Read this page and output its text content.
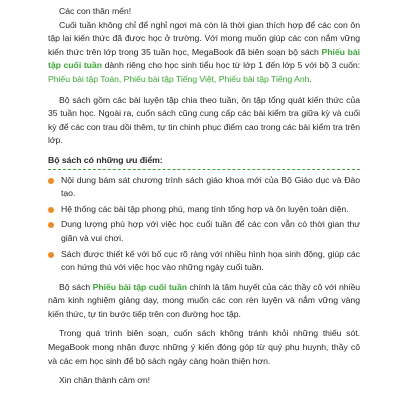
Các con thân mến!

Cuối tuần không chỉ để nghỉ ngơi mà còn là thời gian thích hợp để các con ôn tập lại kiến thức đã được học ở trường. Với mong muốn giúp các con nắm vững kiến thức trên lớp trong 35 tuần học, MegaBook đã biên soạn bộ sách Phiếu bài tập cuối tuần dành riêng cho học sinh tiểu học từ lớp 1 đến lớp 5 với bộ 3 cuốn: Phiếu bài tập Toán, Phiếu bài tập Tiếng Việt, Phiếu bài tập Tiếng Anh.

Bộ sách gồm các bài luyện tập chia theo tuần, ôn tập tổng quát kiến thức của 35 tuần học. Ngoài ra, cuốn sách cũng cung cấp các bài kiểm tra giữa kỳ và cuối kỳ để các con trau dồi thêm, tự tin chinh phục điểm cao trong các bài kiểm tra trên lớp.

Bộ sách có những ưu điểm:

Nội dung bám sát chương trình sách giáo khoa mới của Bộ Giáo dục và Đào tạo.
Hệ thống các bài tập phong phú, mang tính tổng hợp và ôn luyện toàn diện.
Dung lượng phù hợp với việc học cuối tuần để các con vẫn có thời gian thư giãn và vui chơi.
Sách được thiết kế với bố cục rõ ràng với nhiều hình họa sinh động, giúp các con hứng thú với việc học vào những ngày cuối tuần.

Bộ sách Phiếu bài tập cuối tuần chính là tâm huyết của các thầy cô với nhiều năm kinh nghiệm giảng dạy, mong muốn các con rèn luyện và nắm vững vàng kiến thức, tự tin bước tiếp trên con đường học tập.

Trong quá trình biên soạn, cuốn sách không tránh khỏi những thiếu sót. MegaBook mong nhận được những ý kiến đóng góp từ quý phụ huynh, thầy cô và các em học sinh để bộ sách ngày càng hoàn thiện hơn.

Xin chân thành cảm ơn!
